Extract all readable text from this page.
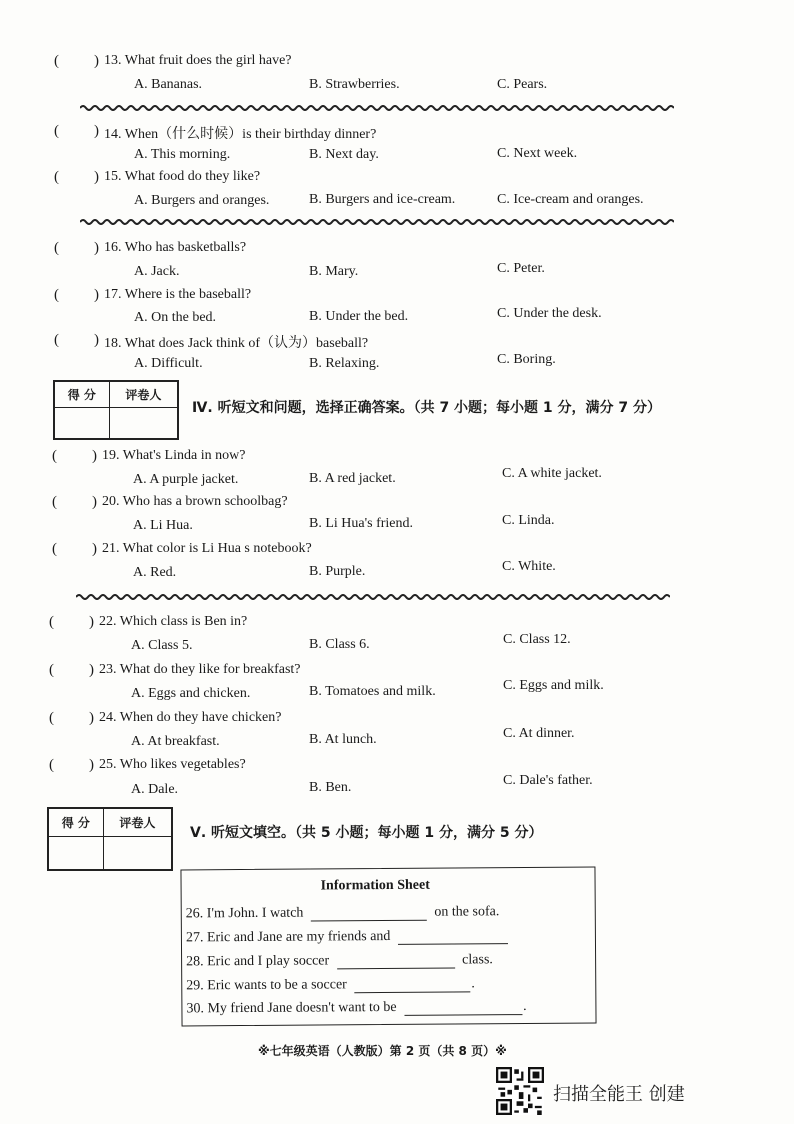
( ) 13. What fruit does the girl have?
A. Bananas.	B. Strawberries.	C. Pears.
( ) 14. When（什么时候）is their birthday dinner?
A. This morning.	B. Next day.	C. Next week.
( ) 15. What food do they like?
A. Burgers and oranges.	B. Burgers and ice-cream.	C. Ice-cream and oranges.
( ) 16. Who has basketballs?
A. Jack.	B. Mary.	C. Peter.
( ) 17. Where is the baseball?
A. On the bed.	B. Under the bed.	C. Under the desk.
( ) 18. What does Jack think of（认为）baseball?
A. Difficult.	B. Relaxing.	C. Boring.
得 分	评卷人

Ⅳ. 听短文和问题，选择正确答案。（共 7 小题；每小题 1 分，满分 7 分）
( ) 19. What's Linda in now?
A. A purple jacket.	B. A red jacket.	C. A white jacket.
( ) 20. Who has a brown schoolbag?
A. Li Hua.	B. Li Hua's friend.	C. Linda.
( ) 21. What color is Li Hua s notebook?
A. Red.	B. Purple.	C. White.
( ) 22. Which class is Ben in?
A. Class 5.	B. Class 6.	C. Class 12.
( ) 23. What do they like for breakfast?
A. Eggs and chicken.	B. Tomatoes and milk.	C. Eggs and milk.
( ) 24. When do they have chicken?
A. At breakfast.	B. At lunch.	C. At dinner.
( ) 25. Who likes vegetables?
A. Dale.	B. Ben.	C. Dale's father.
得 分	评卷人

Ⅴ. 听短文填空。（共 5 小题；每小题 1 分，满分 5 分）
Information Sheet
26. I'm John. I watch	on the sofa.
27. Eric and Jane are my friends and
28. Eric and I play soccer	class.
29. Eric wants to be a soccer	.
30. My friend Jane doesn't want to be	.
※七年级英语（人教版）第 2 页（共 8 页）※
扫描全能王 创建
